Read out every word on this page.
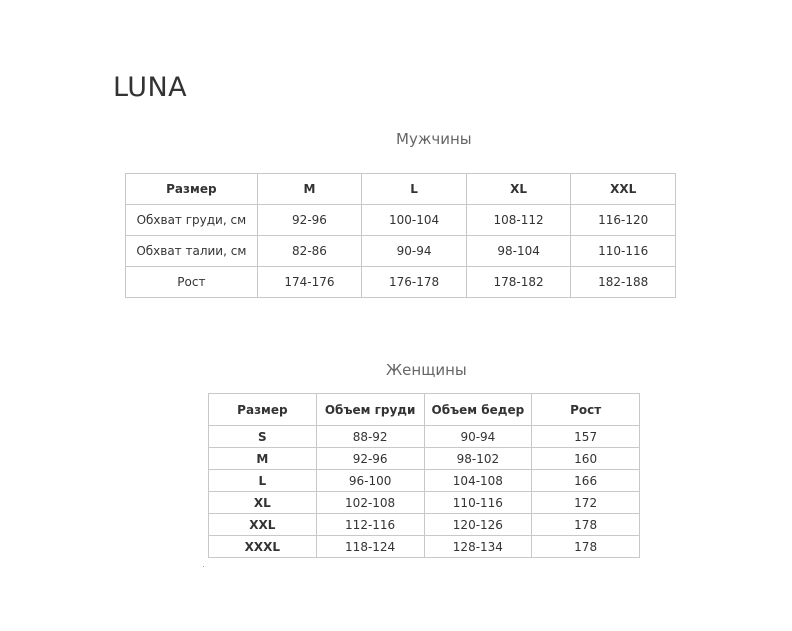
LUNA
Мужчины
Размер	M	L	XL	XXL
Обхват груди, см	92-96	100-104	108-112	116-120
Обхват талии, см	82-86	90-94	98-104	110-116
Рост	174-176	176-178	178-182	182-188
Женщины
Размер	Объем груди	Объем бедер	Рост
S	88-92	90-94	157
M	92-96	98-102	160
L	96-100	104-108	166
XL	102-108	110-116	172
XXL	112-116	120-126	178
XXXL	118-124	128-134	178
